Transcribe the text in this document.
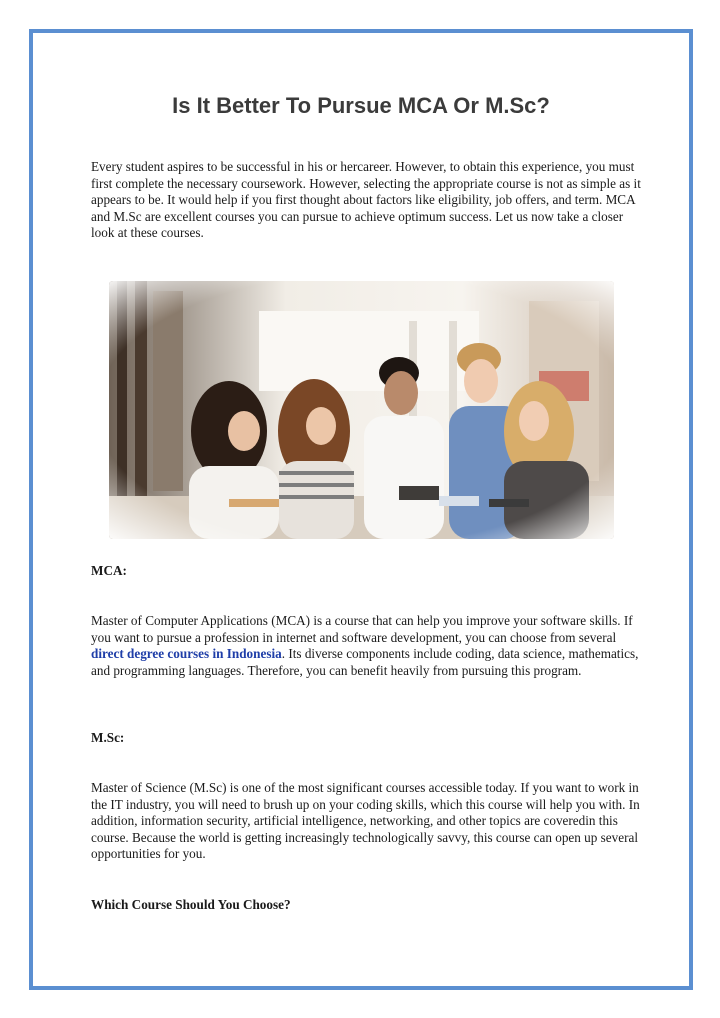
Is It Better To Pursue MCA Or M.Sc?

Every student aspires to be successful in his or hercareer. However, to obtain this experience, you must first complete the necessary coursework. However, selecting the appropriate course is not as simple as it appears to be. It would help if you first thought about factors like eligibility, job offers, and term. MCA and M.Sc are excellent courses you can pursue to achieve optimum success. Let us now take a closer look at these courses.

MCA:

Master of Computer Applications (MCA) is a course that can help you improve your software skills. If you want to pursue a profession in internet and software development, you can choose from several direct degree courses in Indonesia. Its diverse components include coding, data science, mathematics, and programming languages. Therefore, you can benefit heavily from pursuing this program.

M.Sc:

Master of Science (M.Sc) is one of the most significant courses accessible today. If you want to work in the IT industry, you will need to brush up on your coding skills, which this course will help you with. In addition, information security, artificial intelligence, networking, and other topics are coveredin this course. Because the world is getting increasingly technologically savvy, this course can open up several opportunities for you.

Which Course Should You Choose?
